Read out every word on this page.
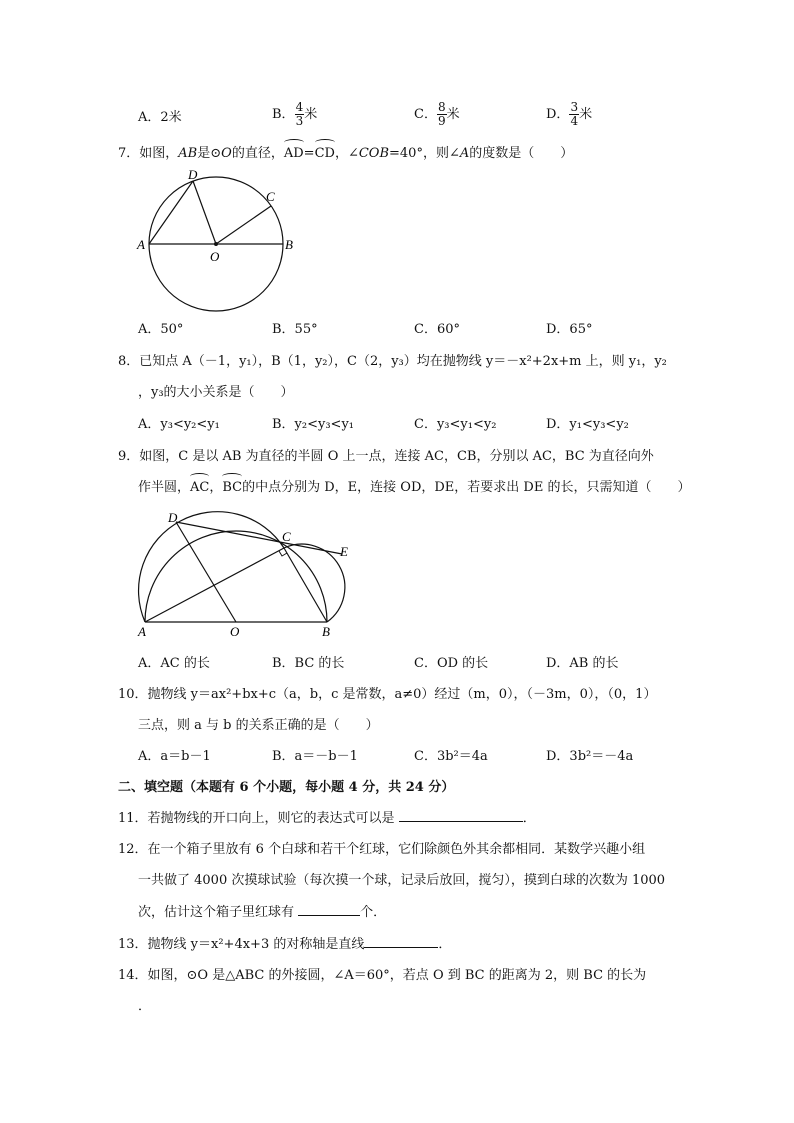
A．2米	B． $\frac{4}{3}$ 米	C． $\frac{8}{9}$ 米	D． $\frac{3}{4}$ 米
7．如图，AB是⊙O的直径，AD=CD，∠COB=40°，则∠A的度数是（　　）
D
C
A
O
B
A．50°	B．55°	C．60°	D．65°
8．已知点 A（－1，y₁），B（1，y₂），C（2，y₃）均在抛物线 y＝－x²+2x+m 上，则 y₁，y₂
，y₃的大小关系是（　　）
A．y₃<y₂<y₁	B．y₂<y₃<y₁	C．y₃<y₁<y₂	D．y₁<y₃<y₂
9．如图，C 是以 AB 为直径的半圆 O 上一点，连接 AC，CB，分别以 AC，BC 为直径向外
作半圆，AC，BC的中点分别为 D，E，连接 OD，DE，若要求出 DE 的长，只需知道（　　）
D
C
E
A	O	B
A．AC 的长	B．BC 的长	C．OD 的长	D．AB 的长
10．抛物线 y＝ax²+bx+c（a，b，c 是常数，a≠0）经过（m，0），（－3m，0），（0，1）
三点，则 a 与 b 的关系正确的是（　　）
A．a＝b－1	B．a＝－b－1	C．3b²＝4a	D．3b²＝－4a
二、填空题（本题有 6 个小题，每小题 4 分，共 24 分）
11．若抛物线的开口向上，则它的表达式可以是	．
12．在一个箱子里放有 6 个白球和若干个红球，它们除颜色外其余都相同．某数学兴趣小组
一共做了 4000 次摸球试验（每次摸一个球，记录后放回，搅匀），摸到白球的次数为 1000
次，估计这个箱子里红球有	个．
13．抛物线 y＝x²+4x+3 的对称轴是直线	．
14．如图，⊙O 是△ABC 的外接圆，∠A＝60°，若点 O 到 BC 的距离为 2，则 BC 的长为
．
